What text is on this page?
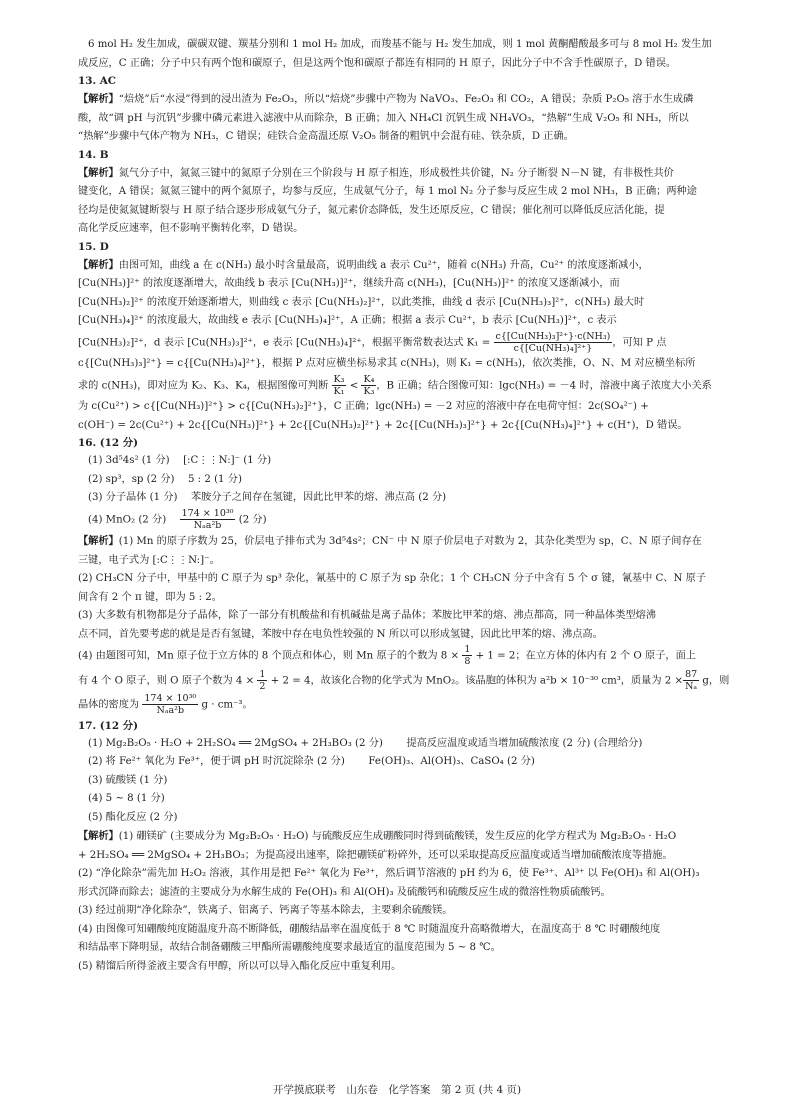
6 mol H₂ 发生加成，碳碳双键、羰基分别和 1 mol H₂ 加成，而羧基不能与 H₂ 发生加成，则 1 mol 黄酮醋酸最多可与 8 mol H₂ 发生加

成反应，C 正确；分子中只有两个饱和碳原子，但是这两个饱和碳原子都连有相同的 H 原子，因此分子中不含手性碳原子，D 错误。

13. AC

【解析】“焙烧”后“水浸”得到的浸出渣为 Fe₂O₃，所以“焙烧”步骤中产物为 NaVO₃、Fe₂O₃ 和 CO₂，A 错误；杂质 P₂O₅ 溶于水生成磷

酸，故“调 pH 与沉钒”步骤中磷元素进入滤液中从而除杂，B 正确；加入 NH₄Cl 沉钒生成 NH₄VO₃，“热解”生成 V₂O₅ 和 NH₃，所以

“热解”步骤中气体产物为 NH₃，C 错误；硅铁合金高温还原 V₂O₅ 制备的粗钒中会混有硅、铁杂质，D 正确。

14. B

【解析】氮气分子中，氮氮三键中的氮原子分别在三个阶段与 H 原子相连，形成极性共价键，N₂ 分子断裂 N－N 键，有非极性共价

键变化，A 错误；氮氮三键中的两个氮原子，均参与反应，生成氨气分子，每 1 mol N₂ 分子参与反应生成 2 mol NH₃，B 正确；两种途

径均是使氮氮键断裂与 H 原子结合逐步形成氨气分子，氮元素价态降低，发生还原反应，C 错误；催化剂可以降低反应活化能，提

高化学反应速率，但不影响平衡转化率，D 错误。

15. D

【解析】由图可知，曲线 a 在 c(NH₃) 最小时含量最高，说明曲线 a 表示 Cu²⁺，随着 c(NH₃) 升高，Cu²⁺ 的浓度逐渐减小，

[Cu(NH₃)]²⁺ 的浓度逐渐增大，故曲线 b 表示 [Cu(NH₃)]²⁺，继续升高 c(NH₃)，[Cu(NH₃)]²⁺ 的浓度又逐渐减小，而

[Cu(NH₃)₂]²⁺ 的浓度开始逐渐增大，则曲线 c 表示 [Cu(NH₃)₂]²⁺，以此类推，曲线 d 表示 [Cu(NH₃)₃]²⁺，c(NH₃) 最大时

[Cu(NH₃)₄]²⁺ 的浓度最大，故曲线 e 表示 [Cu(NH₃)₄]²⁺，A 正确；根据 a 表示 Cu²⁺，b 表示 [Cu(NH₃)]²⁺，c 表示

[Cu(NH₃)₂]²⁺，d 表示 [Cu(NH₃)₃]²⁺，e 表示 [Cu(NH₃)₄]²⁺，根据平衡常数表达式 $K_1 = \frac{\text{c\{[Cu(NH₃)₃]²⁺\}·c(NH₃)}}{\text{c\{[Cu(NH₃)₄]²⁺\}}}$ ，可知 P 点

c{[Cu(NH₃)₃]²⁺} = c{[Cu(NH₃)₄]²⁺}，根据 P 点对应横坐标易求其 c(NH₃)，则 K₁ = c(NH₃)，依次类推，O、N、M 对应横坐标所

求的 c(NH₃)，即对应为 K₂、K₃、K₄，根据图像可判断 $\frac{\text{K₃}}{\text{K₁}} < \frac{\text{K₄}}{\text{K₃}}$ ，B 正确；结合图像可知：lgc(NH₃) = －4 时，溶液中离子浓度大小关系

为 c(Cu²⁺) > c{[Cu(NH₃)]²⁺} > c{[Cu(NH₃)₂]²⁺}，C 正确；lgc(NH₃) = －2 对应的溶液中存在电荷守恒：2c(SO₄²⁻) +

c(OH⁻) = 2c(Cu²⁺) + 2c{[Cu(NH₃)]²⁺} + 2c{[Cu(NH₃)₂]²⁺} + 2c{[Cu(NH₃)₃]²⁺} + 2c{[Cu(NH₃)₄]²⁺} + c(H⁺)，D 错误。

16. (12 分)

(1) 3d⁵4s² (1 分)　 [:C⋮⋮N:]⁻ (1 分)

(2) sp³，sp (2 分)　 5 : 2 (1 分)

(3) 分子晶体 (1 分)　 苯胺分子之间存在氢键，因此比甲苯的熔、沸点高 (2 分)

(4) MnO₂ (2 分)　 $\frac{\text{174 × 10³⁰}}{\text{Nₐa²b}} (2$ 分)

【解析】(1) Mn 的原子序数为 25，价层电子排布式为 3d⁵4s²；CN⁻ 中 N 原子价层电子对数为 2，其杂化类型为 sp，C、N 原子间存在

三键，电子式为 [:C⋮⋮N:]⁻。

(2) CH₃CN 分子中，甲基中的 C 原子为 sp³ 杂化，氰基中的 C 原子为 sp 杂化；1 个 CH₃CN 分子中含有 5 个 σ 键，氰基中 C、N 原子

间含有 2 个 π 键，即为 5 : 2。

(3) 大多数有机物都是分子晶体，除了一部分有机酸盐和有机碱盐是离子晶体；苯胺比甲苯的熔、沸点都高，同一种晶体类型熔沸

点不同，首先要考虑的就是是否有氢键，苯胺中存在电负性较强的 N 所以可以形成氢键，因此比甲苯的熔、沸点高。

(4) 由题图可知，Mn 原子位于立方体的 8 个顶点和体心，则 Mn 原子的个数为 $8 \times \frac{1}{8} + 1 = 2$；在立方体的体内有 2 个 O 原子，面上

有 4 个 O 原子，则 O 原子个数为 $4 \times \frac{1}{2} + 2 = 4$，故该化合物的化学式为 MnO₂。该晶胞的体积为 a²b × 10⁻³⁰ cm³，质量为 $2 \times \frac{87}{\text{Nₐ}}$ g，则

晶体的密度为 $\frac{\text{174 × 10³⁰}}{\text{Nₐa²b}}$ g · cm⁻³。

17. (12 分)

(1) Mg₂B₂O₅ · H₂O + 2H₂SO₄ ══ 2MgSO₄ + 2H₃BO₃ (2 分)　　 提高反应温度或适当增加硫酸浓度 (2 分) (合理给分)

(2) 将 Fe²⁺ 氧化为 Fe³⁺，便于调 pH 时沉淀除杂 (2 分)　　 Fe(OH)₃、Al(OH)₃、CaSO₄ (2 分)

(3) 硫酸镁 (1 分)

(4) 5 ~ 8 (1 分)

(5) 酯化反应 (2 分)

【解析】(1) 硼镁矿 (主要成分为 Mg₂B₂O₅ · H₂O) 与硫酸反应生成硼酸同时得到硫酸镁，发生反应的化学方程式为 Mg₂B₂O₅ · H₂O

+ 2H₂SO₄ ══ 2MgSO₄ + 2H₃BO₃；为提高浸出速率，除把硼镁矿粉碎外，还可以采取提高反应温度或适当增加硫酸浓度等措施。

(2) “净化除杂”需先加 H₂O₂ 溶液，其作用是把 Fe²⁺ 氧化为 Fe³⁺，然后调节溶液的 pH 约为 6，使 Fe³⁺、Al³⁺ 以 Fe(OH)₃ 和 Al(OH)₃

形式沉降而除去；滤渣的主要成分为水解生成的 Fe(OH)₃ 和 Al(OH)₃ 及硫酸钙和硫酸反应生成的微溶性物质硫酸钙。

(3) 经过前期“净化除杂”，铁离子、铝离子、钙离子等基本除去，主要剩余硫酸镁。

(4) 由图像可知硼酸纯度随温度升高不断降低，硼酸结晶率在温度低于 8 ℃ 时随温度升高略微增大，在温度高于 8 ℃ 时硼酸纯度

和结晶率下降明显，故结合制备硼酸三甲酯所需硼酸纯度要求最适宜的温度范围为 5 ~ 8 ℃。

(5) 精馏后所得釜液主要含有甲醇，所以可以导入酯化反应中重复利用。

开学摸底联考　山东卷　化学答案　第 2 页 (共 4 页)
